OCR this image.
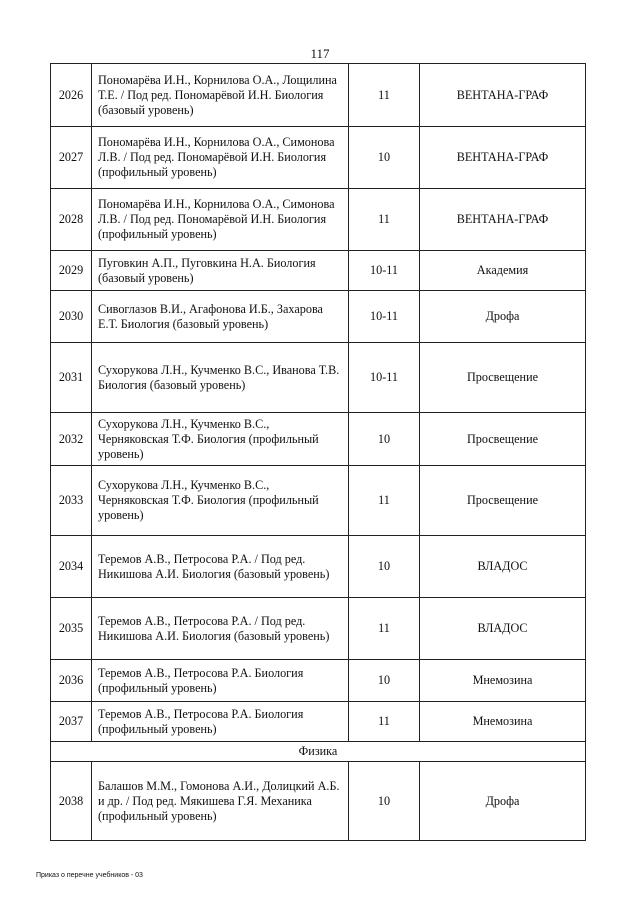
117
2026	Пономарёва И.Н., Корнилова О.А., Лощилина Т.Е. / Под ред. Пономарёвой И.Н. Биология (базовый уровень)	11	ВЕНТАНА-ГРАФ
2027	Пономарёва И.Н., Корнилова О.А., Симонова Л.В. / Под ред. Пономарёвой И.Н. Биология (профильный уровень)	10	ВЕНТАНА-ГРАФ
2028	Пономарёва И.Н., Корнилова О.А., Симонова Л.В. / Под ред. Пономарёвой И.Н. Биология (профильный уровень)	11	ВЕНТАНА-ГРАФ
2029	Пуговкин А.П., Пуговкина Н.А. Биология (базовый уровень)	10-11	Академия
2030	Сивоглазов В.И., Агафонова И.Б., Захарова Е.Т. Биология (базовый уровень)	10-11	Дрофа
2031	Сухорукова Л.Н., Кучменко В.С., Иванова Т.В. Биология (базовый уровень)	10-11	Просвещение
2032	Сухорукова Л.Н., Кучменко В.С., Черняковская Т.Ф. Биология (профильный уровень)	10	Просвещение
2033	Сухорукова Л.Н., Кучменко В.С., Черняковская Т.Ф. Биология (профильный уровень)	11	Просвещение
2034	Теремов А.В., Петросова Р.А. / Под ред. Никишова А.И. Биология (базовый уровень)	10	ВЛАДОС
2035	Теремов А.В., Петросова Р.А. / Под ред. Никишова А.И. Биология (базовый уровень)	11	ВЛАДОС
2036	Теремов А.В., Петросова Р.А. Биология (профильный уровень)	10	Мнемозина
2037	Теремов А.В., Петросова Р.А. Биология (профильный уровень)	11	Мнемозина
Физика			
2038	Балашов М.М., Гомонова А.И., Долицкий А.Б. и др. / Под ред. Мякишева Г.Я. Механика (профильный уровень)	10	Дрофа
Приказ о перечне учебников - 03
